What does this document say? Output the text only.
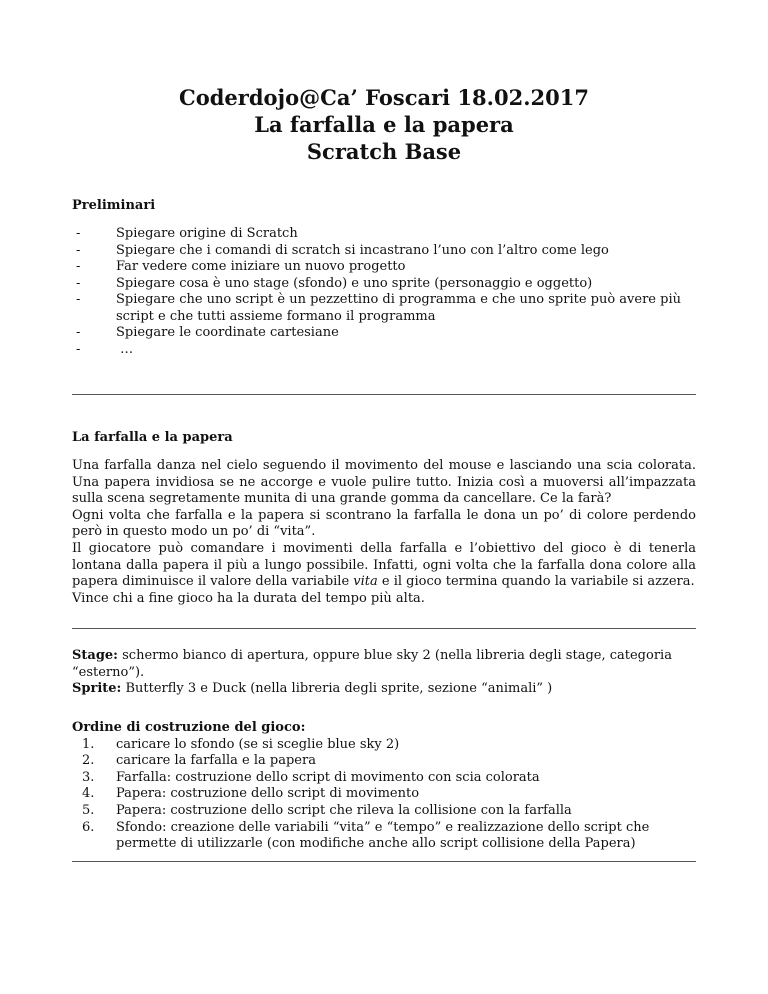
Coderdojo@Ca’ Foscari 18.02.2017
La farfalla e la papera
Scratch Base
Preliminari
- Spiegare origine di Scratch
- Spiegare che i comandi di scratch si incastrano l’uno con l’altro come lego
- Far vedere come iniziare un nuovo progetto
- Spiegare cosa è uno stage (sfondo) e uno sprite (personaggio e oggetto)
- Spiegare che uno script è un pezzettino di programma e che uno sprite può avere più script e che tutti assieme formano il programma
- Spiegare le coordinate cartesiane
-  …
La farfalla e la papera
Una farfalla danza nel cielo seguendo il movimento del mouse e lasciando una scia colorata.
Una papera invidiosa se ne accorge e vuole pulire tutto. Inizia così a muoversi all’impazzata
sulla scena segretamente munita di una grande gomma da cancellare. Ce la farà?
Ogni volta che farfalla e la papera si scontrano la farfalla le dona un po’ di colore perdendo
però in questo modo un po’ di “vita”.
Il giocatore può comandare i movimenti della farfalla e l’obiettivo del gioco è di tenerla
lontana dalla papera il più a lungo possibile. Infatti, ogni volta che la farfalla dona colore alla
papera diminuisce il valore della variabile vita e il gioco termina quando la variabile si azzera.
Vince chi a fine gioco ha la durata del tempo più alta.
Stage: schermo bianco di apertura, oppure blue sky 2 (nella libreria degli stage, categoria
“esterno”).
Sprite: Butterfly 3 e Duck (nella libreria degli sprite, sezione “animali” )
Ordine di costruzione del gioco:
1. caricare lo sfondo (se si sceglie blue sky 2)
2. caricare la farfalla e la papera
3. Farfalla: costruzione dello script di movimento con scia colorata
4. Papera: costruzione dello script di movimento
5. Papera: costruzione dello script che rileva la collisione con la farfalla
6. Sfondo: creazione delle variabili “vita” e “tempo” e realizzazione dello script che permette di utilizzarle (con modifiche anche allo script collisione della Papera)
